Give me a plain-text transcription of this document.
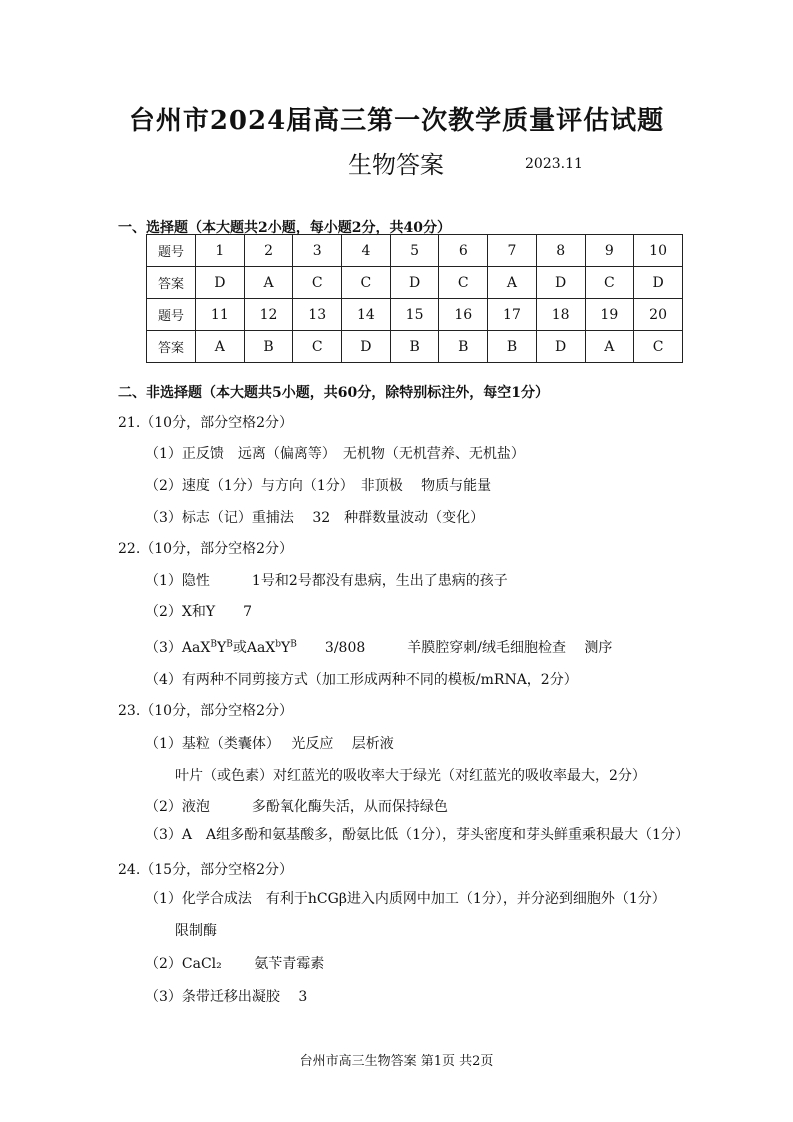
台州市2024届高三第一次教学质量评估试题
生物答案	2023.11
一、选择题（本大题共2小题，每小题2分，共40分）
题号	1	2	3	4	5	6	7	8	9	10
答案	D	A	C	C	D	C	A	D	C	D
题号	11	12	13	14	15	16	17	18	19	20
答案	A	B	C	D	B	B	B	D	A	C
二、非选择题（本大题共5小题，共60分，除特别标注外，每空1分）
21.（10分，部分空格2分）
（1）正反馈　远离（偏离等）　无机物（无机营养、无机盐）
（2）速度（1分）与方向（1分）　非顶极　 物质与能量
（3）标志（记）重捕法　 32　种群数量波动（变化）
22.（10分，部分空格2分）
（1）隐性　　　1号和2号都没有患病，生出了患病的孩子
（2）X和Y　　7
$(3)AaX^BY^B$或$AaX^bY^B$　　3/808　　　羊膜腔穿刺/绒毛细胞检查　 测序
（4）有两种不同剪接方式（加工形成两种不同的模板/mRNA，2分）
23.（10分，部分空格2分）
（1）基粒（类囊体）　 光反应　 层析液
叶片（或色素）对红蓝光的吸收率大于绿光（对红蓝光的吸收率最大，2分）
（2）液泡　　　多酚氧化酶失活，从而保持绿色
（3）A　A组多酚和氨基酸多，酚氨比低（1分），芽头密度和芽头鲜重乘积最大（1分）
24.（15分，部分空格2分）
（1）化学合成法　有利于hCGβ进入内质网中加工（1分），并分泌到细胞外（1分）
限制酶
（2）CaCl₂　　 氨苄青霉素
（3）条带迁移出凝胶　 3
台州市高三生物答案 第1页 共2页
